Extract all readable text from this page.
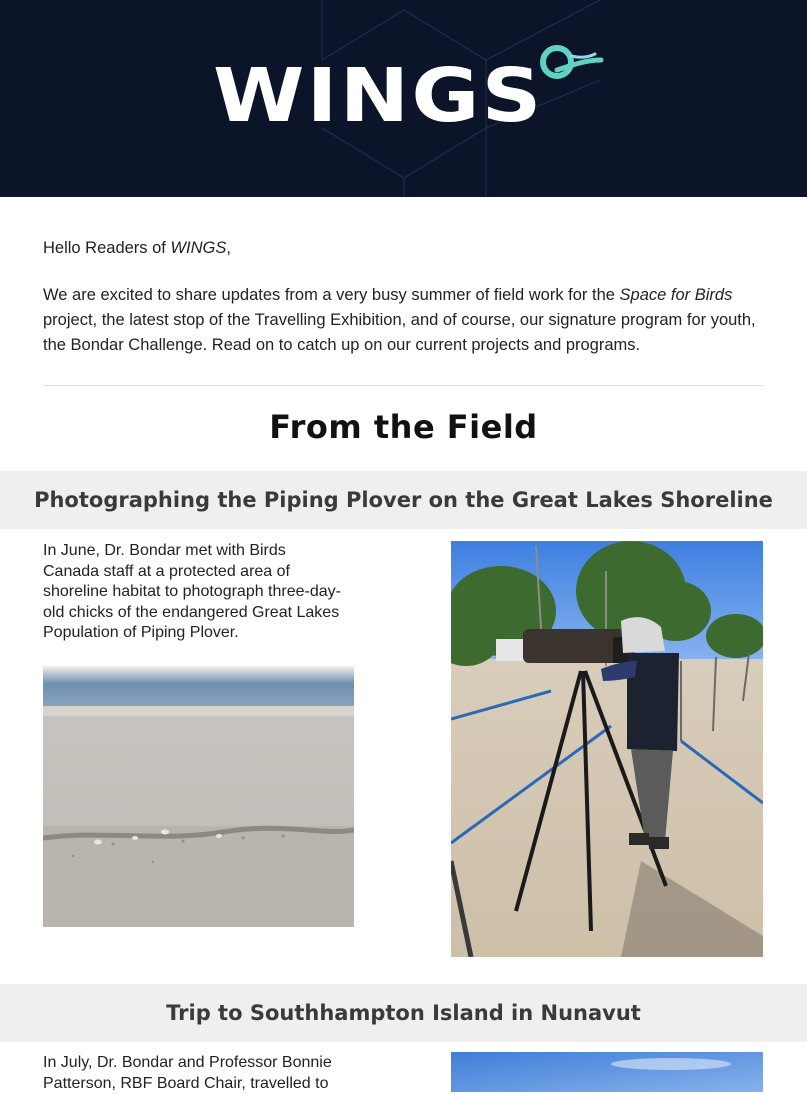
WINGS

Hello Readers of WINGS,

We are excited to share updates from a very busy summer of field work for the Space for Birds project, the latest stop of the Travelling Exhibition, and of course, our signature program for youth, the Bondar Challenge. Read on to catch up on our current projects and programs.

From the Field
Photographing the Piping Plover on the Great Lakes Shoreline

In June, Dr. Bondar met with Birds Canada staff at a protected area of shoreline habitat to photograph three-day-old chicks of the endangered Great Lakes Population of Piping Plover.

Trip to Southhampton Island in Nunavut

In July, Dr. Bondar and Professor Bonnie Patterson, RBF Board Chair, travelled to
